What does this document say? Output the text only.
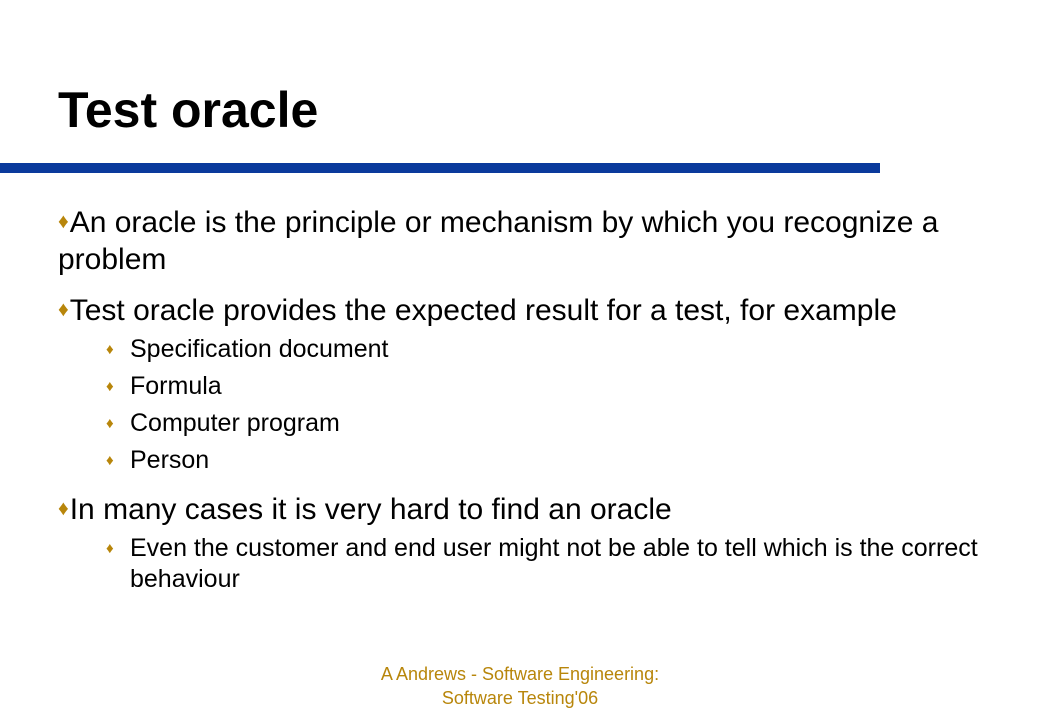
Test oracle
♦An oracle is the principle or mechanism by which you recognize a problem
♦Test oracle provides the expected result for a test, for example
♦ Specification document
♦ Formula
♦ Computer program
♦ Person
♦In many cases it is very hard to find an oracle
♦ Even the customer and end user might not be able to tell which is the correct behaviour
A Andrews - Software Engineering:
Software Testing'06
